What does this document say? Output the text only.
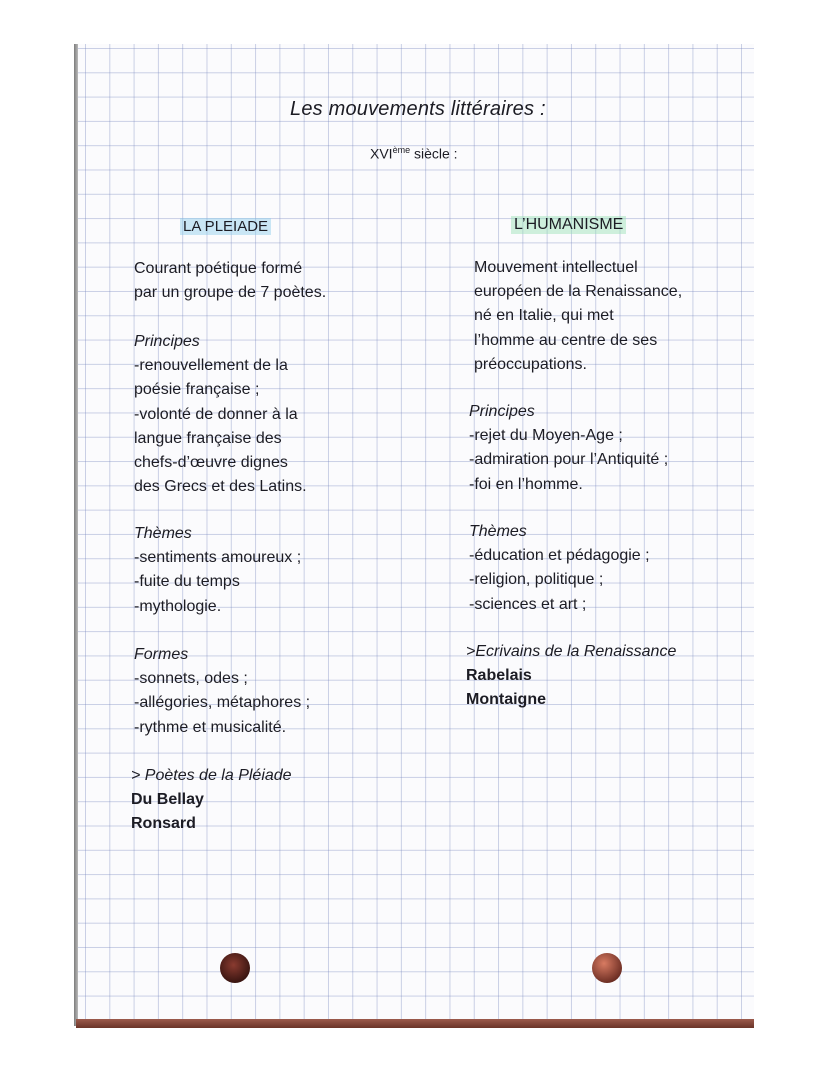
Les mouvements littéraires :
XVIème siècle :
LA PLEIADE	L’HUMANISME
Courant poétique formé
par un groupe de 7 poètes.
Principes
-renouvellement de la
poésie française ;
-volonté de donner à la
langue française des
chefs-d’œuvre dignes
des Grecs et des Latins.
Thèmes
-sentiments amoureux ;
-fuite du temps
-mythologie.
Formes
-sonnets, odes ;
-allégories, métaphores ;
-rythme et musicalité.
> Poètes de la Pléiade
Du Bellay
Ronsard
Mouvement intellectuel
européen de la Renaissance,
né en Italie, qui met
l’homme au centre de ses
préoccupations.
Principes
-rejet du Moyen-Age ;
-admiration pour l’Antiquité ;
-foi en l’homme.
Thèmes
-éducation et pédagogie ;
-religion, politique ;
-sciences et art ;
>Ecrivains de la Renaissance
Rabelais
Montaigne
